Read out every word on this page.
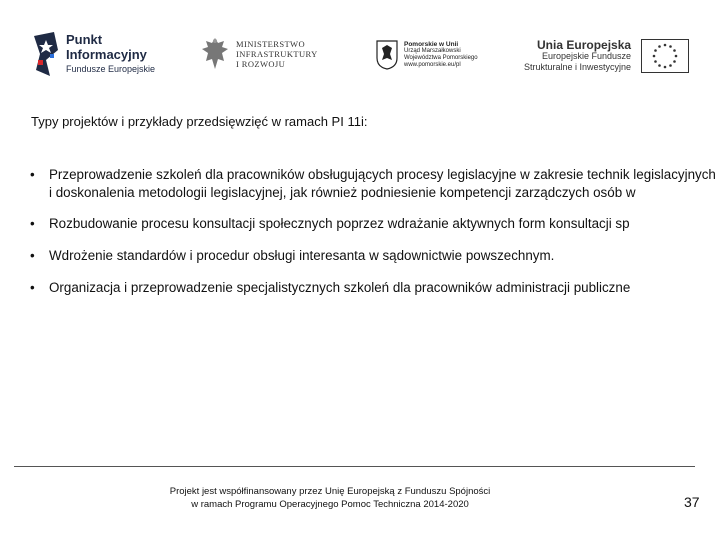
Punkt
Informacyjny
Fundusze Europejskie
MINISTERSTWO
INFRASTRUKTURY
I ROZWOJU
Pomorskie w Unii
Urząd Marszałkowski
Województwa Pomorskiego
www.pomorskie.eu/pl
Unia Europejska
Europejskie Fundusze
Strukturalne i Inwestycyjne
Typy projektów i przykłady przedsięwzięć w ramach PI 11i:
• Przeprowadzenie szkoleń dla pracowników obsługujących procesy legislacyjne w zakresie technik legislacyjnych
i doskonalenia metodologii legislacyjnej, jak również podniesienie kompetencji zarządczych osób w
• Rozbudowanie procesu konsultacji społecznych poprzez wdrażanie aktywnych form konsultacji sp
• Wdrożenie standardów i procedur obsługi interesanta w sądownictwie powszechnym.
• Organizacja i przeprowadzenie specjalistycznych szkoleń dla pracowników administracji publiczne
Projekt jest współfinansowany przez Unię Europejską z Funduszu Spójności
w ramach Programu Operacyjnego Pomoc Techniczna 2014-2020	37
